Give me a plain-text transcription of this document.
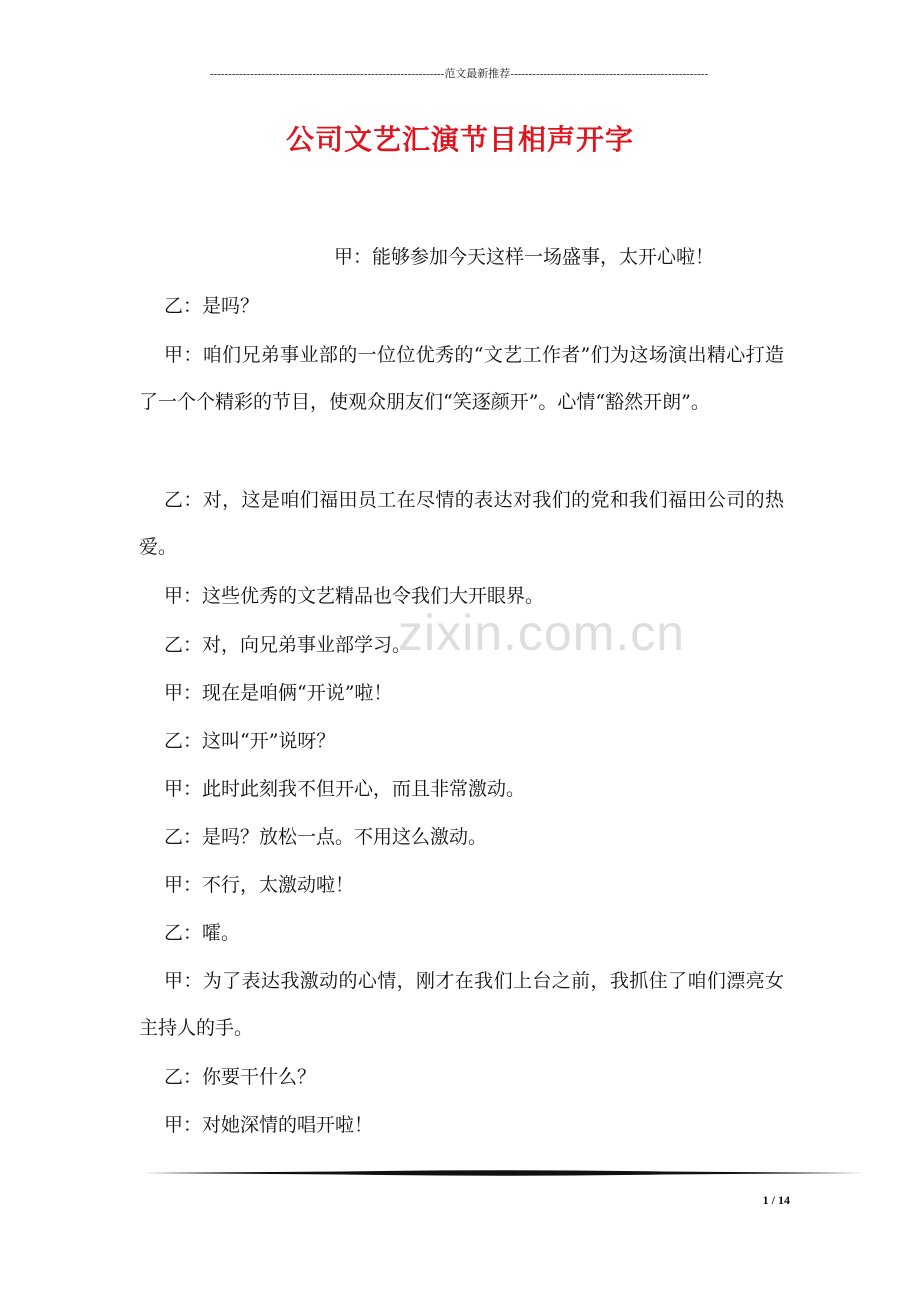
----------------------------------------------------------------范文最新推荐------------------------------------------------------
公司文艺汇演节目相声开字

甲：能够参加今天这样一场盛事，太开心啦！

乙：是吗？

甲：咱们兄弟事业部的一位位优秀的“文艺工作者”们为这场演出精心打造了一个个精彩的节目，使观众朋友们“笑逐颜开”。心情“豁然开朗”。

乙：对，这是咱们福田员工在尽情的表达对我们的党和我们福田公司的热爱。

甲：这些优秀的文艺精品也令我们大开眼界。

乙：对，向兄弟事业部学习。

甲：现在是咱俩“开说”啦！

乙：这叫“开”说呀？

甲：此时此刻我不但开心，而且非常激动。

乙：是吗？放松一点。不用这么激动。

甲：不行，太激动啦！

乙：嚯。

甲：为了表达我激动的心情，刚才在我们上台之前，我抓住了咱们漂亮女主持人的手。

乙：你要干什么？

甲：对她深情的唱开啦！

zixin.com.cn
1 / 14
